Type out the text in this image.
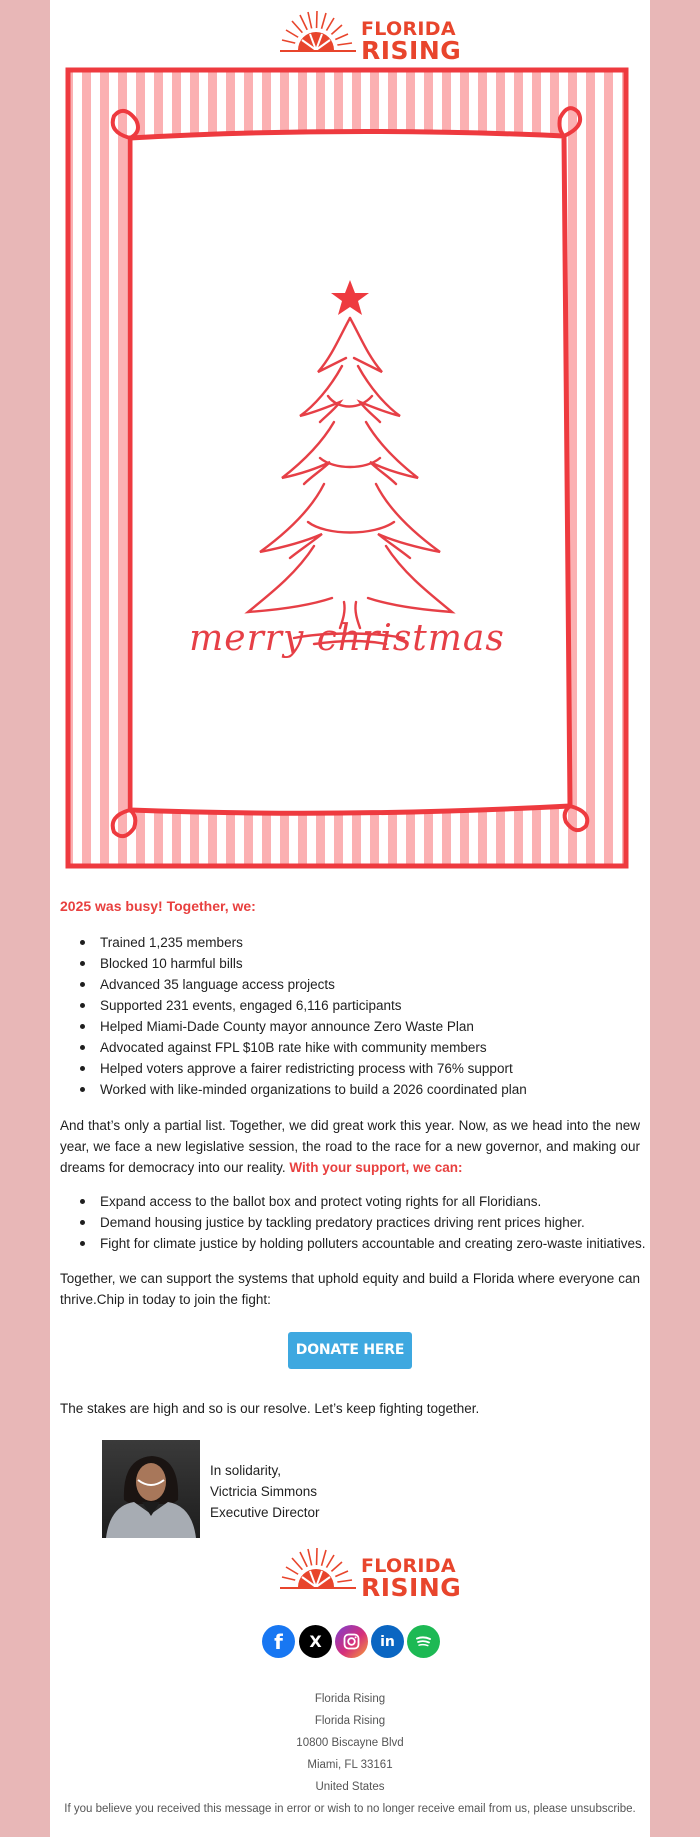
FLORIDA
RISING
merry christmas
2025 was busy! Together, we:
Trained 1,235 members
Blocked 10 harmful bills
Advanced 35 language access projects
Supported 231 events, engaged 6,116 participants
Helped Miami-Dade County mayor announce Zero Waste Plan
Advocated against FPL $10B rate hike with community members
Helped voters approve a fairer redistricting process with 76% support
Worked with like-minded organizations to build a 2026 coordinated plan
And that’s only a partial list. Together, we did great work this year. Now, as we head into the new year, we face a new legislative session, the road to the race for a new governor, and making our dreams for democracy into our reality. With your support, we can:
Expand access to the ballot box and protect voting rights for all Floridians.
Demand housing justice by tackling predatory practices driving rent prices higher.
Fight for climate justice by holding polluters accountable and creating zero-waste initiatives.
Together, we can support the systems that uphold equity and build a Florida where everyone can thrive.Chip in today to join the fight:
DONATE HERE
The stakes are high and so is our resolve. Let’s keep fighting together.
In solidarity,
Victricia Simmons
Executive Director
FLORIDA
RISING
f X	in
Florida Rising
Florida Rising
10800 Biscayne Blvd
Miami, FL 33161
United States
If you believe you received this message in error or wish to no longer receive email from us, please unsubscribe.
